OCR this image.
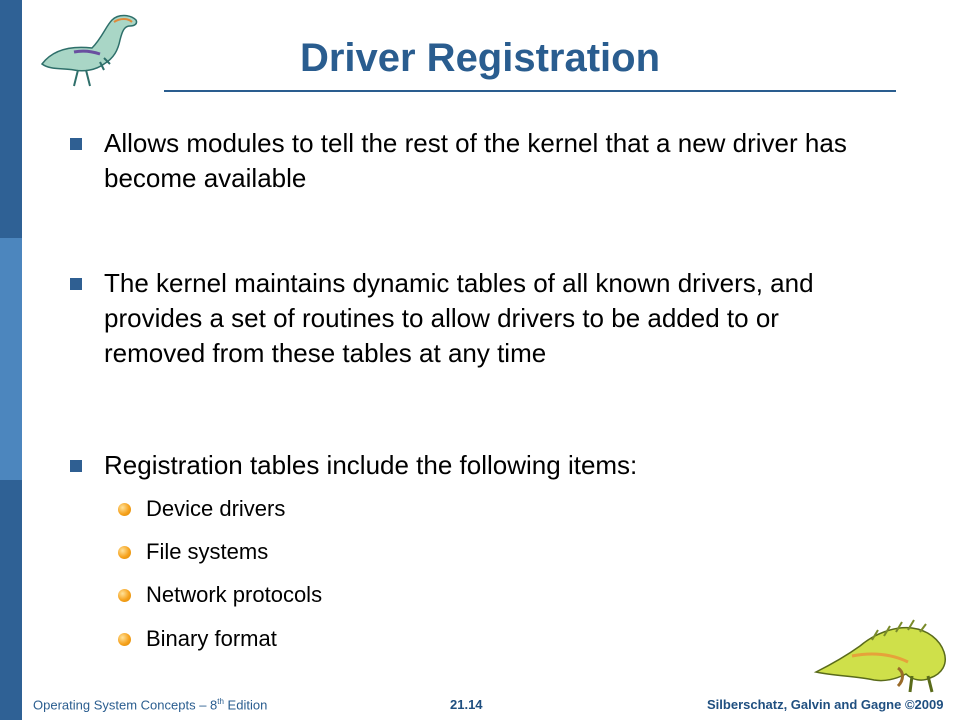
Driver Registration
Allows modules to tell the rest of the kernel that a new driver has become available
The kernel maintains dynamic tables of all known drivers, and provides a set of routines to allow drivers to be added to or removed from these tables at any time
Registration tables include the following items:
Device drivers
File systems
Network protocols
Binary format
Operating System Concepts – 8th Edition	21.14	Silberschatz, Galvin and Gagne ©2009
